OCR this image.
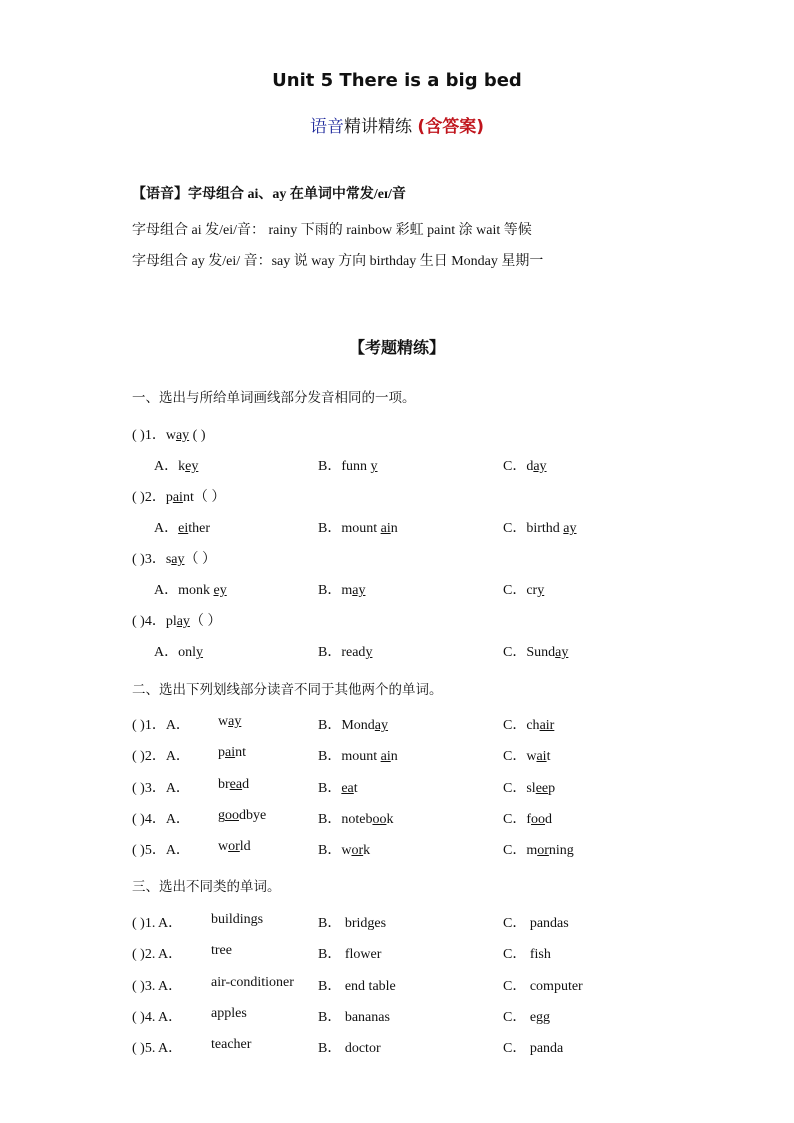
Unit 5 There is a big bed
语音精讲精练 (含答案)
【语音】字母组合 ai、ay 在单词中常发/eɪ/音
字母组合 ai 发/ei/音： rainy 下雨的 rainbow 彩虹 paint 涂 wait 等候
字母组合 ay 发/ei/ 音：say 说 way 方向 birthday 生日 Monday 星期一
【考题精练】
一、选出与所给单词画线部分发音相同的一项。
( )1．way ( )
A．key	B．funn y	C．day
( )2．paint（ ）
A．either	B．mount ain	C．birthd ay
( )3．say（ ）
A．monk ey	B．may	C．cry
( )4．play（ ）
A．only	B．ready	C．Sunday
二、选出下列划线部分读音不同于其他两个的单词。
( )1．A． way	B．Monday	C．chair
( )2．A． paint	B．mount ain	C．wait
( )3．A． bread	B．eat	C．sleep
( )4．A． goodbye	B．notebook	C．food
( )5．A． world	B．work	C．morning
三、选出不同类的单词。
( )1. A． buildings	B． bridges	C． pandas
( )2. A． tree	B． flower	C． fish
( )3. A． air-conditioner B． end table	C． computer
( )4. A． apples	B． bananas	C． egg
( )5. A． teacher	B． doctor	C． panda
